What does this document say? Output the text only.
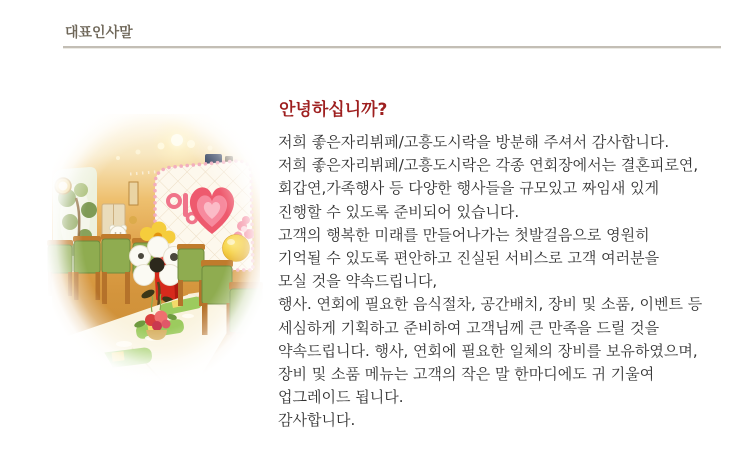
대표인사말
안녕하십니까?
저희 좋은자리뷔페/고흥도시락을 방분해 주셔서 감사합니다.
저희 좋은자리뷔페/고흥도시락은 각종 연회장에서는 결혼피로연,
회갑연,가족행사 등 다양한 행사들을 규모있고 짜임새 있게
진행할 수 있도록 준비되어 있습니다.
고객의 행복한 미래를 만들어나가는 첫발걸음으로 영원히
기억될 수 있도록 편안하고 진실된 서비스로 고객 여러분을
모실 것을 약속드립니다,
행사. 연회에 필요한 음식절차, 공간배치, 장비 및 소품, 이벤트 등
세심하게 기획하고 준비하여 고객님께 큰 만족을 드릴 것을
약속드립니다. 행사, 연회에 필요한 일체의 장비를 보유하였으며,
장비 및 소품 메뉴는 고객의 작은 말 한마디에도 귀 기울여
업그레이드 됩니다.
감사합니다.
